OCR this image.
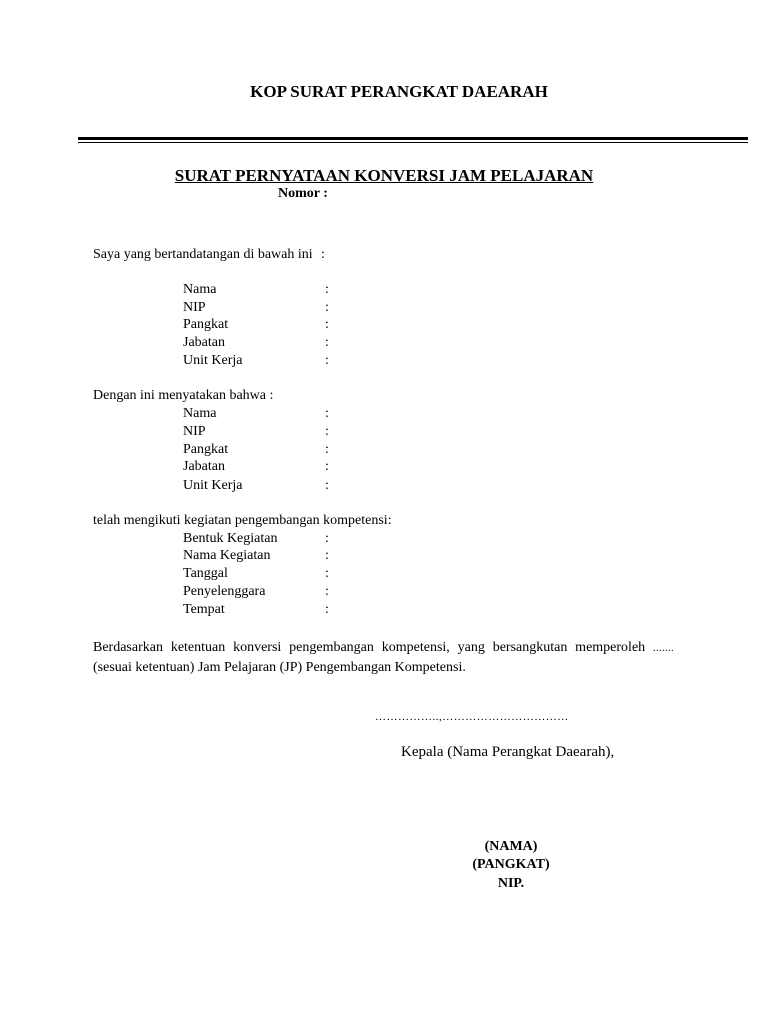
KOP SURAT PERANGKAT DAEARAH
SURAT PERNYATAAN KONVERSI JAM PELAJARAN
Nomor :
Saya yang bertandatangan di bawah ini :
Nama	:
NIP	:
Pangkat	:
Jabatan	:
Unit Kerja	:
Dengan ini menyatakan bahwa :
Nama	:
NIP	:
Pangkat	:
Jabatan	:
Unit Kerja	:
telah mengikuti kegiatan pengembangan kompetensi:
Bentuk Kegiatan	:
Nama Kegiatan	:
Tanggal	:
Penyelenggara	:
Tempat	:
Berdasarkan ketentuan konversi pengembangan kompetensi, yang bersangkutan memperoleh ....... (sesuai ketentuan) Jam Pelajaran (JP) Pengembangan Kompetensi.
……………..,……………………………
Kepala (Nama Perangkat Daearah),
(NAMA)
(PANGKAT)
NIP.
